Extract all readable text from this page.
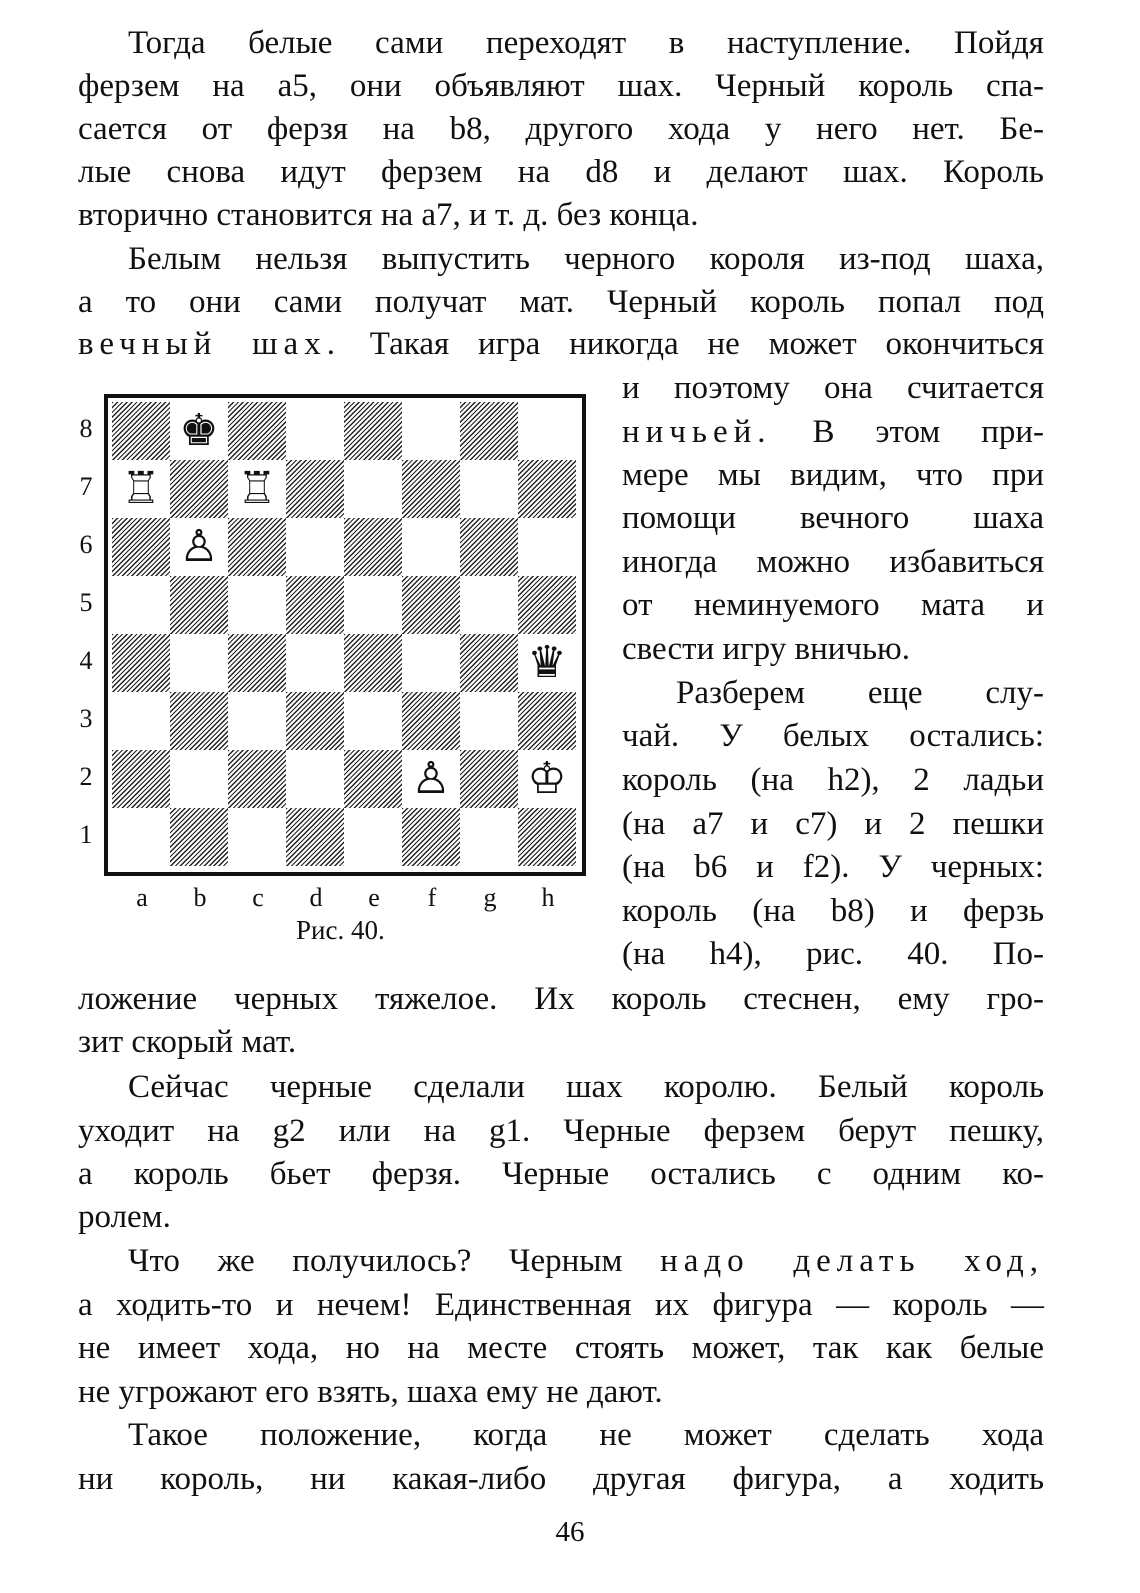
Тогда белые сами переходят в наступление. Пойдя
ферзем на а5, они объявляют шах. Черный король спа-
сается от ферзя на b8, другого хода у него нет. Бе-
лые снова идут ферзем на d8 и делают шах. Король
вторично становится на а7, и т. д. без конца.
Белым нельзя выпустить черного короля из-под шаха,
а то они сами получат мат. Черный король попал под
вечный шах. Такая игра никогда не может окончиться
и поэтому она считается
ничьей. В этом при-
мере мы видим, что при
помощи вечного шаха
иногда можно избавиться
от неминуемого мата и
свести игру вничью.
Разберем еще слу-
чай. У белых остались:
король (на h2), 2 ладьи
(на а7 и с7) и 2 пешки
(на b6 и f2). У черных:
король (на b8) и ферзь
(на h4), рис. 40. По-
ложение черных тяжелое. Их король стеснен, ему гро-
зит скорый мат.
Сейчас черные сделали шах королю. Белый король
уходит на g2 или на g1. Черные ферзем берут пешку,
а король бьет ферзя. Черные остались с одним ко-
ролем.
Что же получилось? Черным надо делать ход,
а ходить-то и нечем! Единственная их фигура — король —
не имеет хода, но на месте стоять может, так как белые
не угрожают его взять, шаха ему не дают.
Такое положение, когда не может сделать хода
ни король, ни какая-либо другая фигура, а ходить
8
7
6
5
4
3
2
1
♚
♖ ♖
♙
♛
♙ ♔
a b c d e f g h
Рис. 40.
46
